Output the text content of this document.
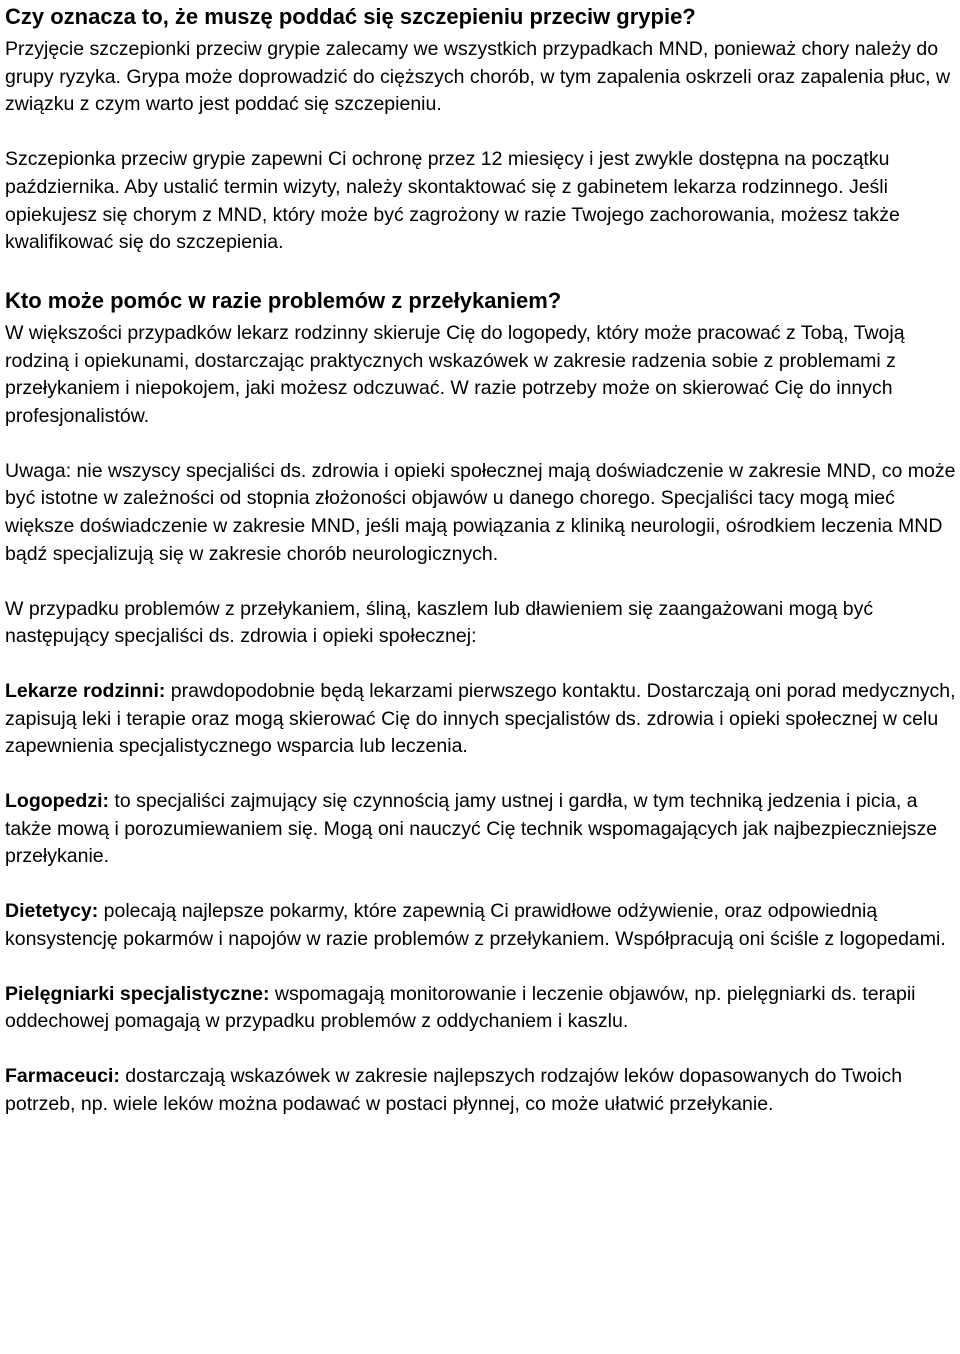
Czy oznacza to, że muszę poddać się szczepieniu przeciw grypie?

Przyjęcie szczepionki przeciw grypie zalecamy we wszystkich przypadkach MND, ponieważ chory należy do grupy ryzyka. Grypa może doprowadzić do cięższych chorób, w tym zapalenia oskrzeli oraz zapalenia płuc, w związku z czym warto jest poddać się szczepieniu.

Szczepionka przeciw grypie zapewni Ci ochronę przez 12 miesięcy i jest zwykle dostępna na początku października. Aby ustalić termin wizyty, należy skontaktować się z gabinetem lekarza rodzinnego. Jeśli opiekujesz się chorym z MND, który może być zagrożony w razie Twojego zachorowania, możesz także kwalifikować się do szczepienia.

Kto może pomóc w razie problemów z przełykaniem?

W większości przypadków lekarz rodzinny skieruje Cię do logopedy, który może pracować z Tobą, Twoją rodziną i opiekunami, dostarczając praktycznych wskazówek w zakresie radzenia sobie z problemami z przełykaniem i niepokojem, jaki możesz odczuwać. W razie potrzeby może on skierować Cię do innych profesjonalistów.

Uwaga: nie wszyscy specjaliści ds. zdrowia i opieki społecznej mają doświadczenie w zakresie MND, co może być istotne w zależności od stopnia złożoności objawów u danego chorego. Specjaliści tacy mogą mieć większe doświadczenie w zakresie MND, jeśli mają powiązania z kliniką neurologii, ośrodkiem leczenia MND bądź specjalizują się w zakresie chorób neurologicznych.

W przypadku problemów z przełykaniem, śliną, kaszlem lub dławieniem się zaangażowani mogą być następujący specjaliści ds. zdrowia i opieki społecznej:

Lekarze rodzinni: prawdopodobnie będą lekarzami pierwszego kontaktu. Dostarczają oni porad medycznych, zapisują leki i terapie oraz mogą skierować Cię do innych specjalistów ds. zdrowia i opieki społecznej w celu zapewnienia specjalistycznego wsparcia lub leczenia.

Logopedzi: to specjaliści zajmujący się czynnością jamy ustnej i gardła, w tym techniką jedzenia i picia, a także mową i porozumiewaniem się. Mogą oni nauczyć Cię technik wspomagających jak najbezpieczniejsze przełykanie.

Dietetycy: polecają najlepsze pokarmy, które zapewnią Ci prawidłowe odżywienie, oraz odpowiednią konsystencję pokarmów i napojów w razie problemów z przełykaniem. Współpracują oni ściśle z logopedami.

Pielęgniarki specjalistyczne: wspomagają monitorowanie i leczenie objawów, np. pielęgniarki ds. terapii oddechowej pomagają w przypadku problemów z oddychaniem i kaszlu.

Farmaceuci: dostarczają wskazówek w zakresie najlepszych rodzajów leków dopasowanych do Twoich potrzeb, np. wiele leków można podawać w postaci płynnej, co może ułatwić przełykanie.
